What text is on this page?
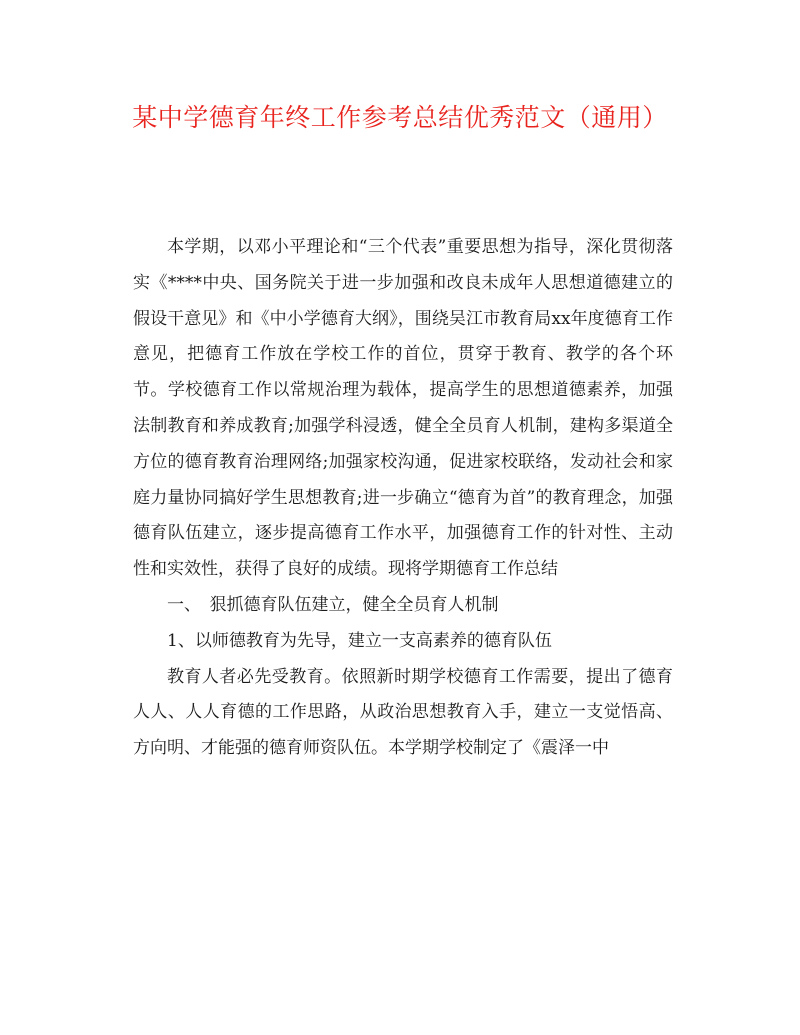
某中学德育年终工作参考总结优秀范文（通用）

本学期，以邓小平理论和“三个代表”重要思想为指导，深化贯彻落实《****中央、国务院关于进一步加强和改良未成年人思想道德建立的假设干意见》和《中小学德育大纲》，围绕吴江市教育局xx年度德育工作意见，把德育工作放在学校工作的首位，贯穿于教育、教学的各个环节。学校德育工作以常规治理为载体，提高学生的思想道德素养，加强法制教育和养成教育;加强学科浸透，健全全员育人机制，建构多渠道全方位的德育教育治理网络;加强家校沟通，促进家校联络，发动社会和家庭力量协同搞好学生思想教育;进一步确立“德育为首”的教育理念，加强德育队伍建立，逐步提高德育工作水平，加强德育工作的针对性、主动性和实效性，获得了良好的成绩。现将学期德育工作总结

一、　狠抓德育队伍建立，健全全员育人机制

1、以师德教育为先导，建立一支高素养的德育队伍

教育人者必先受教育。依照新时期学校德育工作需要，提出了德育人人、人人育德的工作思路，从政治思想教育入手，建立一支觉悟高、方向明、才能强的德育师资队伍。本学期学校制定了《震泽一中
